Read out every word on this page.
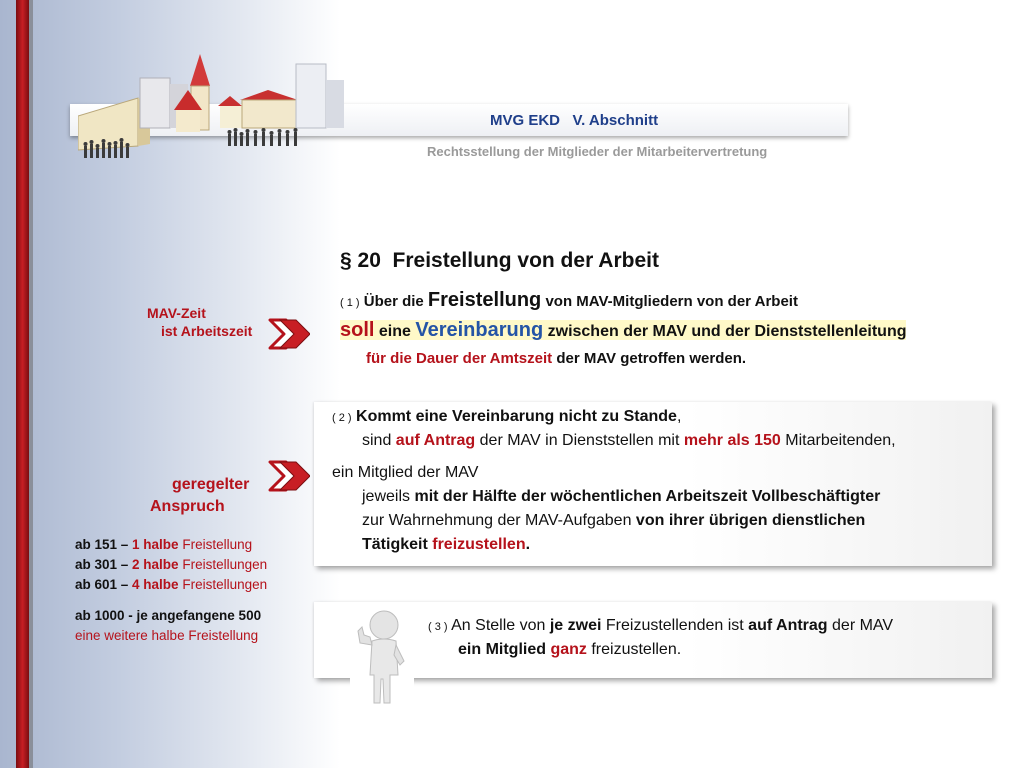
MVG EKD   V. Abschnitt
Rechtsstellung der Mitglieder der Mitarbeitervertretung
§ 20  Freistellung von der Arbeit
( 1 ) Über die Freistellung von MAV-Mitgliedern von der Arbeit
soll eine Vereinbarung zwischen der MAV und der Dienststellenleitung
für die Dauer der Amtszeit der MAV getroffen werden.
MAV-Zeit
ist Arbeitszeit
geregelter
Anspruch
( 2 ) Kommt eine Vereinbarung nicht zu Stande,
sind auf Antrag der MAV in Dienststellen mit mehr als 150 Mitarbeitenden,
ein Mitglied der MAV
jeweils mit der Hälfte der wöchentlichen Arbeitszeit Vollbeschäftigter
zur Wahrnehmung der MAV-Aufgaben von ihrer übrigen dienstlichen
Tätigkeit freizustellen.
ab 151 – 1 halbe Freistellung
ab 301 – 2 halbe Freistellungen
ab 601 – 4 halbe Freistellungen
ab 1000 - je angefangene 500
eine weitere halbe Freistellung
( 3 ) An Stelle von je zwei Freizustellenden ist auf Antrag der MAV
ein Mitglied ganz freizustellen.
